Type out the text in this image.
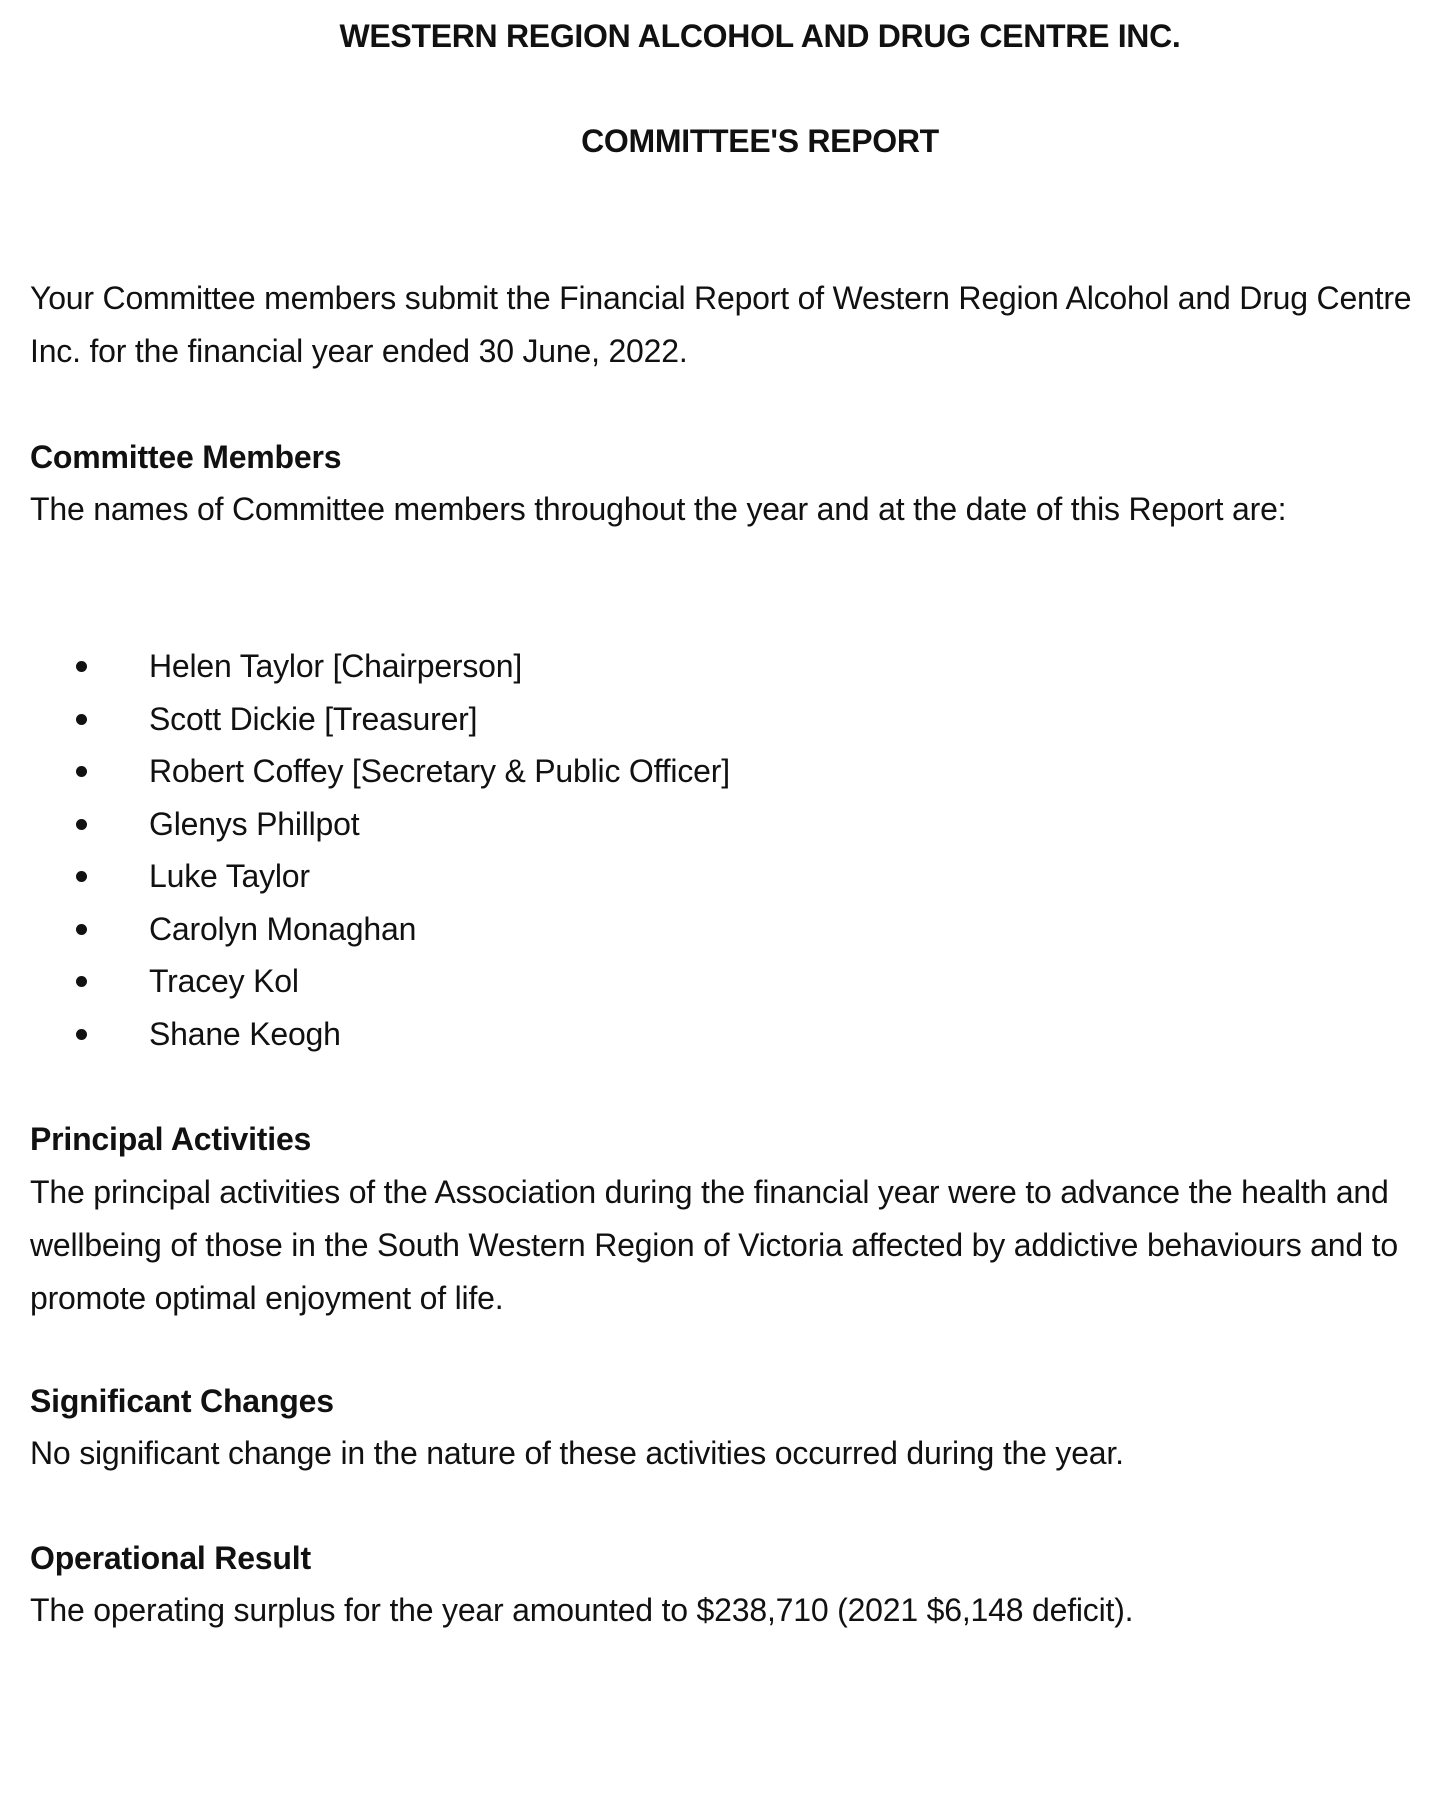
WESTERN REGION ALCOHOL AND DRUG CENTRE INC.
COMMITTEE'S REPORT

Your Committee members submit the Financial Report of Western Region Alcohol and Drug Centre Inc. for the financial year ended 30 June, 2022.

Committee Members

The names of Committee members throughout the year and at the date of this Report are:

Helen Taylor [Chairperson]
Scott Dickie [Treasurer]
Robert Coffey [Secretary & Public Officer]
Glenys Phillpot
Luke Taylor
Carolyn Monaghan
Tracey Kol
Shane Keogh
Principal Activities

The principal activities of the Association during the financial year were to advance the health and wellbeing of those in the South Western Region of Victoria affected by addictive behaviours and to promote optimal enjoyment of life.

Significant Changes

No significant change in the nature of these activities occurred during the year.

Operational Result

The operating surplus for the year amounted to $238,710 (2021 $6,148 deficit).
